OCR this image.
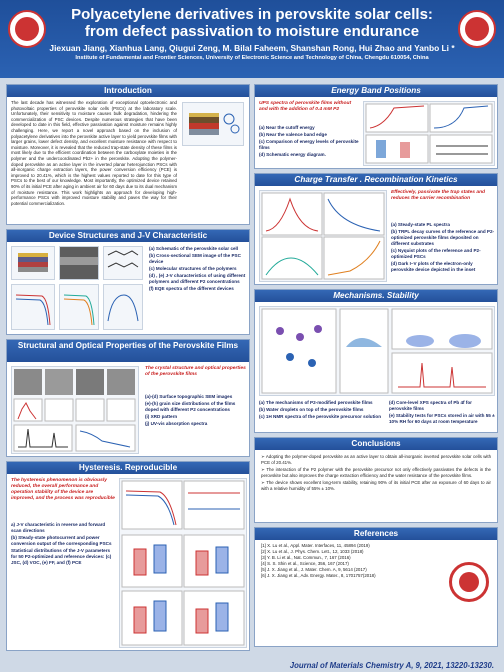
Polyacetylene derivatives in perovskite solar cells:
from defect passivation to moisture endurance
Jiexuan Jiang, Xianhua Lang, Qiugui Zeng, M. Bilal Faheem, Shanshan Rong, Hui Zhao and Yanbo Li *
Institute of Fundamental and Frontier Sciences, University of Electronic Science and Technology of China, Chengdu 610054, China
Introduction
The last decade has witnessed the exploration of exceptional optoelectronic and photovoltaic properties of perovskite solar cells (PSCs) at the laboratory scale. Unfortunately, their sensitivity to moisture causes bulk degradation, hindering the commercialization of PSC devices. Despite numerous strategies that have been developed to date in this field, effective passivation against moisture remains highly challenging. Here, we report a novel approach based on the inclusion of polyacetylene derivatives into the perovskite active layer to yield perovskite films with larger grains, lower defect density, and excellent moisture resistance with respect to moisture. Moreover, it is revealed that the reduced trap-state density of these films is most likely due to the efficient coordination between the carboxylate moieties in the polymer and the undercoordinated Pb2+ in the perovskite. Adopting the polymer-doped perovskite as an active layer in the inverted planar heterojunction PSCs with all-inorganic charge extraction layers, the power conversion efficiency (PCE) is improved to 20.41%, which is the highest values reported to date for this type of PSCs to the best of our knowledge. Most importantly, the optimized device retained 90% of its initial PCE after aging in ambient air for 60 days due to its dual mechanism of moisture resistance. This work highlights an approach for developing high-performance PSCs with improved moisture stability and paves the way for their potential commercialization.
Device Structures and J-V Characteristic
(a) Schematic of the perovskite solar cell
(b) Cross-sectional SEM image of the PSC device
(c) Molecular structures of the polymers
(d) , (e) J-V characteristics of using different polymers and different P2 concentrations
(f) EQE spectra of the different devices
Structural and Optical Properties of the Perovskite Films
The crystal structure and optical properties of the perovskite films
(a)-(d) Surface topographic SEM images
(e)-(h) grain size distributions of the films doped with different P2 concentrations
(i) XRD pattern
(j) UV-vis absorption spectra
Hysteresis. Reproducible
The hysteresis phenomenon is obviously reduced, the overall performance and operation stability of the device are improved, and the process was reproducible
a) J-V characteristic in reverse and forward scan directions
(b) Steady-state photocurrent and power conversion output of the corresponding PSCs
Statistical distributions of the J-V parameters for 50 P2-optimized and reference devices: (c) JSC, (d) VOC, (e) FF, and (f) PCE
Energy Band Positions
UPS spectra of perovskite films without and with the addition of 0.4 mM P2
(a) Near the cutoff energy
(b) Near the valence band edge
(c) Comparison of energy levels of perovskite films
(d) Schematic energy diagram.
Charge Transfer . Recombination Kinetics
Effectively, passivate the trap states and reduces the carrier recombination
(a) Steady-state PL spectra
(b) TRPL decay curves of the reference and P2-optimized perovskite films deposited on different substrates
(c) Nyquist plots of the reference and P2-optimized PSCs
(d) Dark I–V plots of the electron-only perovskite device depicted in the inset
Mechanisms. Stability
(a) The mechanisms of P2-modified perovskite films
(b) Water droplets on top of the perovskite films
(c) 1H NMR spectra of the perovskite precursor solution
(d) Core-level XPS spectra of Pb 4f for perovskite films
(e) Stability tests for PSCs stored in air with 55 ± 10% RH for 60 days at room temperature
Conclusions
➢ Adopting the polymer-doped perovskite as an active layer to obtain all-inorganic inverted perovskite solar cells with PCE of 20.41%.
➢ The interaction of the P2 polymer with the perovskite precursor not only effectively passivates the defects in the perovskite but also improves the charge extraction efficiency and the water resistance of the perovskite films.
➢ The device shows excellent long-term stability, retaining 90% of its initial PCE after an exposure of 60 days to air with a relative humidity of 55% ± 10%.
References
[1] X. Lu et al., Appl. Mater. Interfaces, 11, 45894 (2019)
[2] X. Lu et al., J. Phys. Chem. Lett., 12, 1033 (2018)
[3] Y. B. Li et al., Nat. Commun., 7, 167 (2016)
[4] S. S. Shin et al., Science, 356, 167 (2017)
[5] J. X. Jiang et al., J. Mater. Chem. A, 9, 5614 (2017)
[6] J. X. Jiang et al., Adv. Energy. Mater., 8, 1701757(2018)
Journal of Materials Chemistry A, 9, 2021, 13220-13230.
